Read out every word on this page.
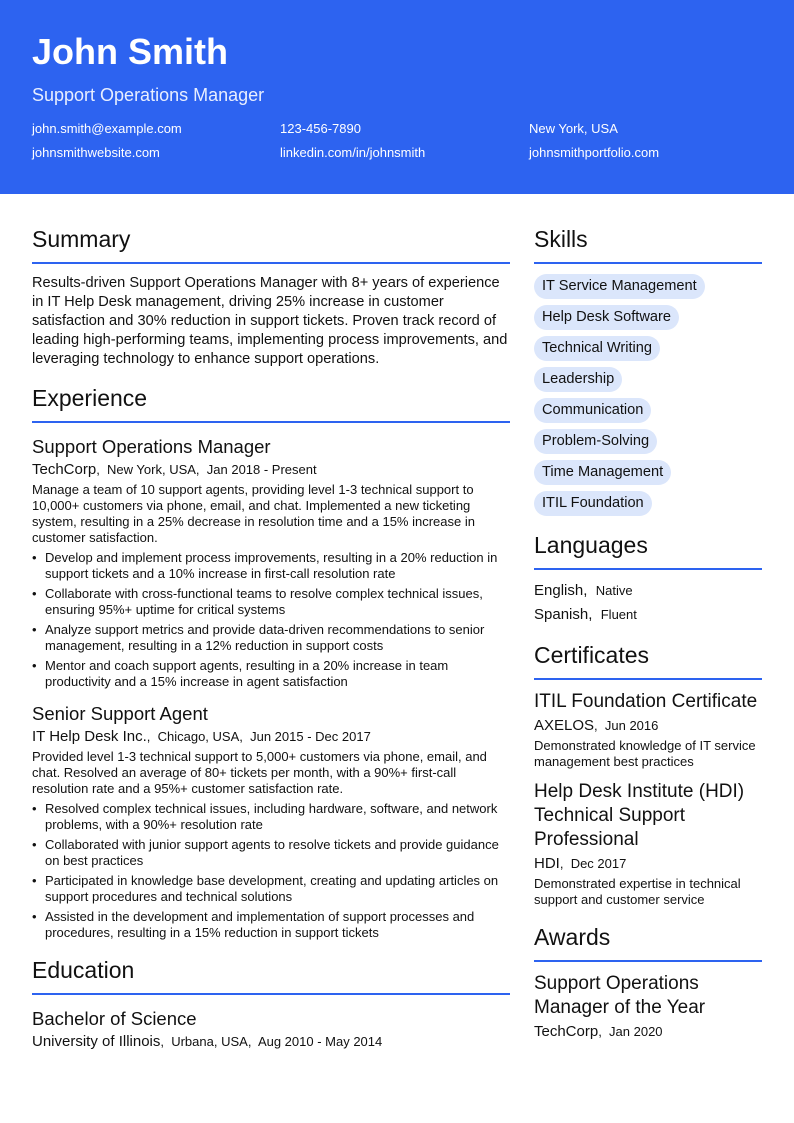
John Smith
Support Operations Manager
john.smith@example.com	123-456-7890	New York, USA
johnsmithwebsite.com	linkedin.com/in/johnsmith	johnsmithportfolio.com
Summary

Results-driven Support Operations Manager with 8+ years of experience in IT Help Desk management, driving 25% increase in customer satisfaction and 30% reduction in support tickets. Proven track record of leading high-performing teams, implementing process improvements, and leveraging technology to enhance support operations.

Experience
Support Operations Manager
TechCorp,  New York, USA,  Jan 2018 - Present
Manage a team of 10 support agents, providing level 1-3 technical support to 10,000+ customers via phone, email, and chat. Implemented a new ticketing system, resulting in a 25% decrease in resolution time and a 15% increase in customer satisfaction.
• Develop and implement process improvements, resulting in a 20% reduction in support tickets and a 10% increase in first-call resolution rate
• Collaborate with cross-functional teams to resolve complex technical issues, ensuring 95%+ uptime for critical systems
• Analyze support metrics and provide data-driven recommendations to senior management, resulting in a 12% reduction in support costs
• Mentor and coach support agents, resulting in a 20% increase in team productivity and a 15% increase in agent satisfaction
Senior Support Agent
IT Help Desk Inc.,  Chicago, USA,  Jun 2015 - Dec 2017
Provided level 1-3 technical support to 5,000+ customers via phone, email, and chat. Resolved an average of 80+ tickets per month, with a 90%+ first-call resolution rate and a 95%+ customer satisfaction rate.
• Resolved complex technical issues, including hardware, software, and network problems, with a 90%+ resolution rate
• Collaborated with junior support agents to resolve tickets and provide guidance on best practices
• Participated in knowledge base development, creating and updating articles on support procedures and technical solutions
• Assisted in the development and implementation of support processes and procedures, resulting in a 15% reduction in support tickets
Education
Bachelor of Science
University of Illinois,  Urbana, USA,  Aug 2010 - May 2014
Skills
IT Service Management
Help Desk Software
Technical Writing
Leadership
Communication
Problem-Solving
Time Management
ITIL Foundation
Languages
English,  Native
Spanish,  Fluent
Certificates
ITIL Foundation Certificate
AXELOS,  Jun 2016
Demonstrated knowledge of IT service management best practices
Help Desk Institute (HDI) Technical Support Professional
HDI,  Dec 2017
Demonstrated expertise in technical support and customer service
Awards
Support Operations Manager of the Year
TechCorp,  Jan 2020
